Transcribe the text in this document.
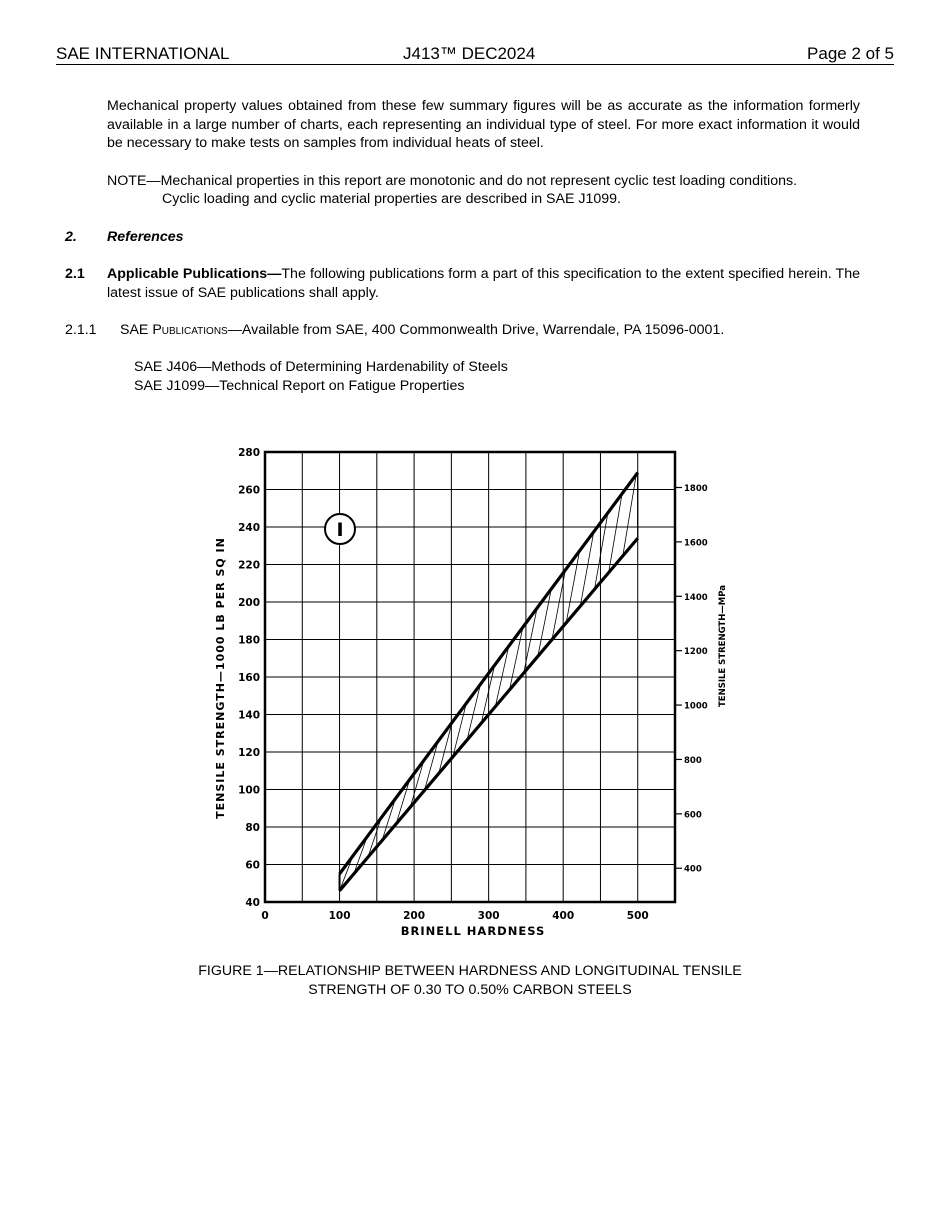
SAE INTERNATIONAL	J413™ DEC2024	Page 2 of 5
Mechanical property values obtained from these few summary figures will be as accurate as the information formerly available in a large number of charts, each representing an individual type of steel. For more exact information it would be necessary to make tests on samples from individual heats of steel.
NOTE—Mechanical properties in this report are monotonic and do not represent cyclic test loading conditions.
Cyclic loading and cyclic material properties are described in SAE J1099.
2. References
2.1 Applicable Publications—The following publications form a part of this specification to the extent specified herein. The latest issue of SAE publications shall apply.
2.1.1 SAE Publications—Available from SAE, 400 Commonwealth Drive, Warrendale, PA 15096-0001.
SAE J406—Methods of Determining Hardenability of Steels
SAE J1099—Technical Report on Fatigue Properties
40
60
80
100
120
140
160
180
200
220
240
260
280
0	100	200	300	400	500
400
600
800
1000
1200
1400
1600
1800
I
BRINELL HARDNESS
TENSILE STRENGTH—1000 LB PER SQ IN	TENSILE STRENGTH—MPa
FIGURE 1—RELATIONSHIP BETWEEN HARDNESS AND LONGITUDINAL TENSILE
STRENGTH OF 0.30 TO 0.50% CARBON STEELS
